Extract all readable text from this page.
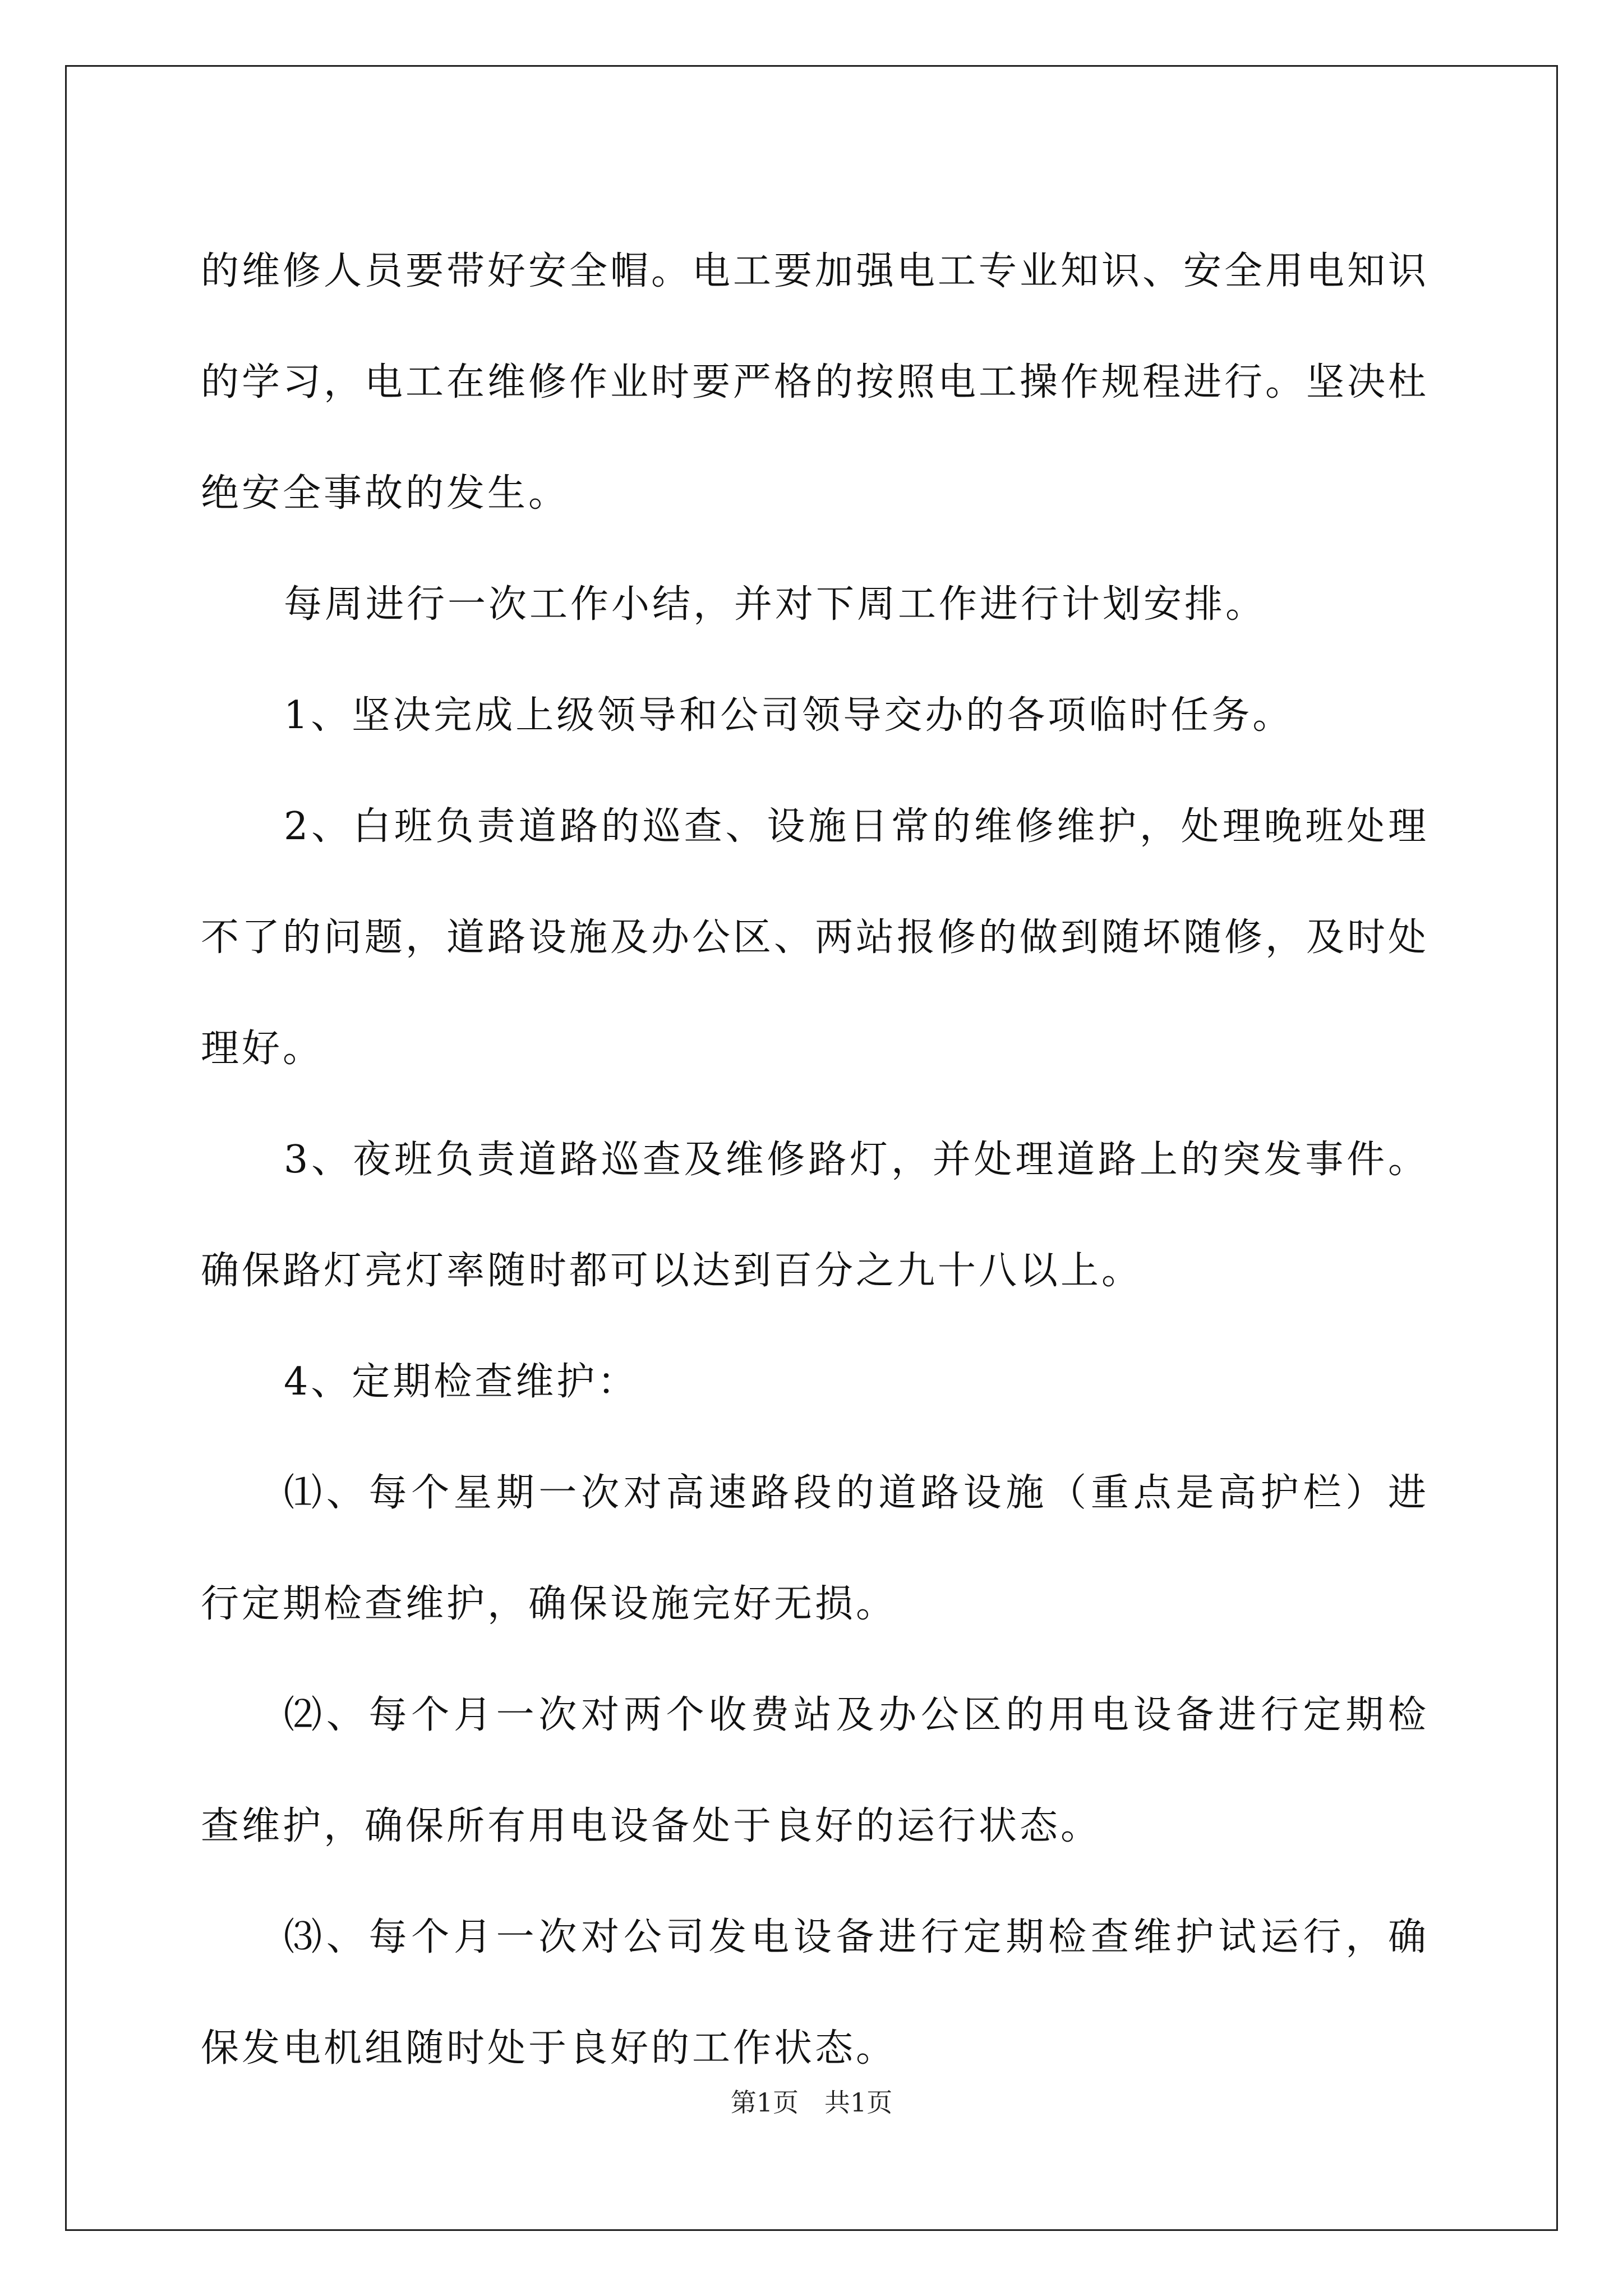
的维修人员要带好安全帽。电工要加强电工专业知识、安全用电知识的学习，电工在维修作业时要严格的按照电工操作规程进行。坚决杜绝安全事故的发生。

每周进行一次工作小结，并对下周工作进行计划安排。

1、坚决完成上级领导和公司领导交办的各项临时任务。

2、白班负责道路的巡查、设施日常的维修维护，处理晚班处理不了的问题，道路设施及办公区、两站报修的做到随坏随修，及时处理好。

3、夜班负责道路巡查及维修路灯，并处理道路上的突发事件。确保路灯亮灯率随时都可以达到百分之九十八以上。

4、定期检查维护：

⑴、每个星期一次对高速路段的道路设施（重点是高护栏）进行定期检查维护，确保设施完好无损。

⑵、每个月一次对两个收费站及办公区的用电设备进行定期检查维护，确保所有用电设备处于良好的运行状态。

⑶、每个月一次对公司发电设备进行定期检查维护试运行，确保发电机组随时处于良好的工作状态。

第1页　共1页
